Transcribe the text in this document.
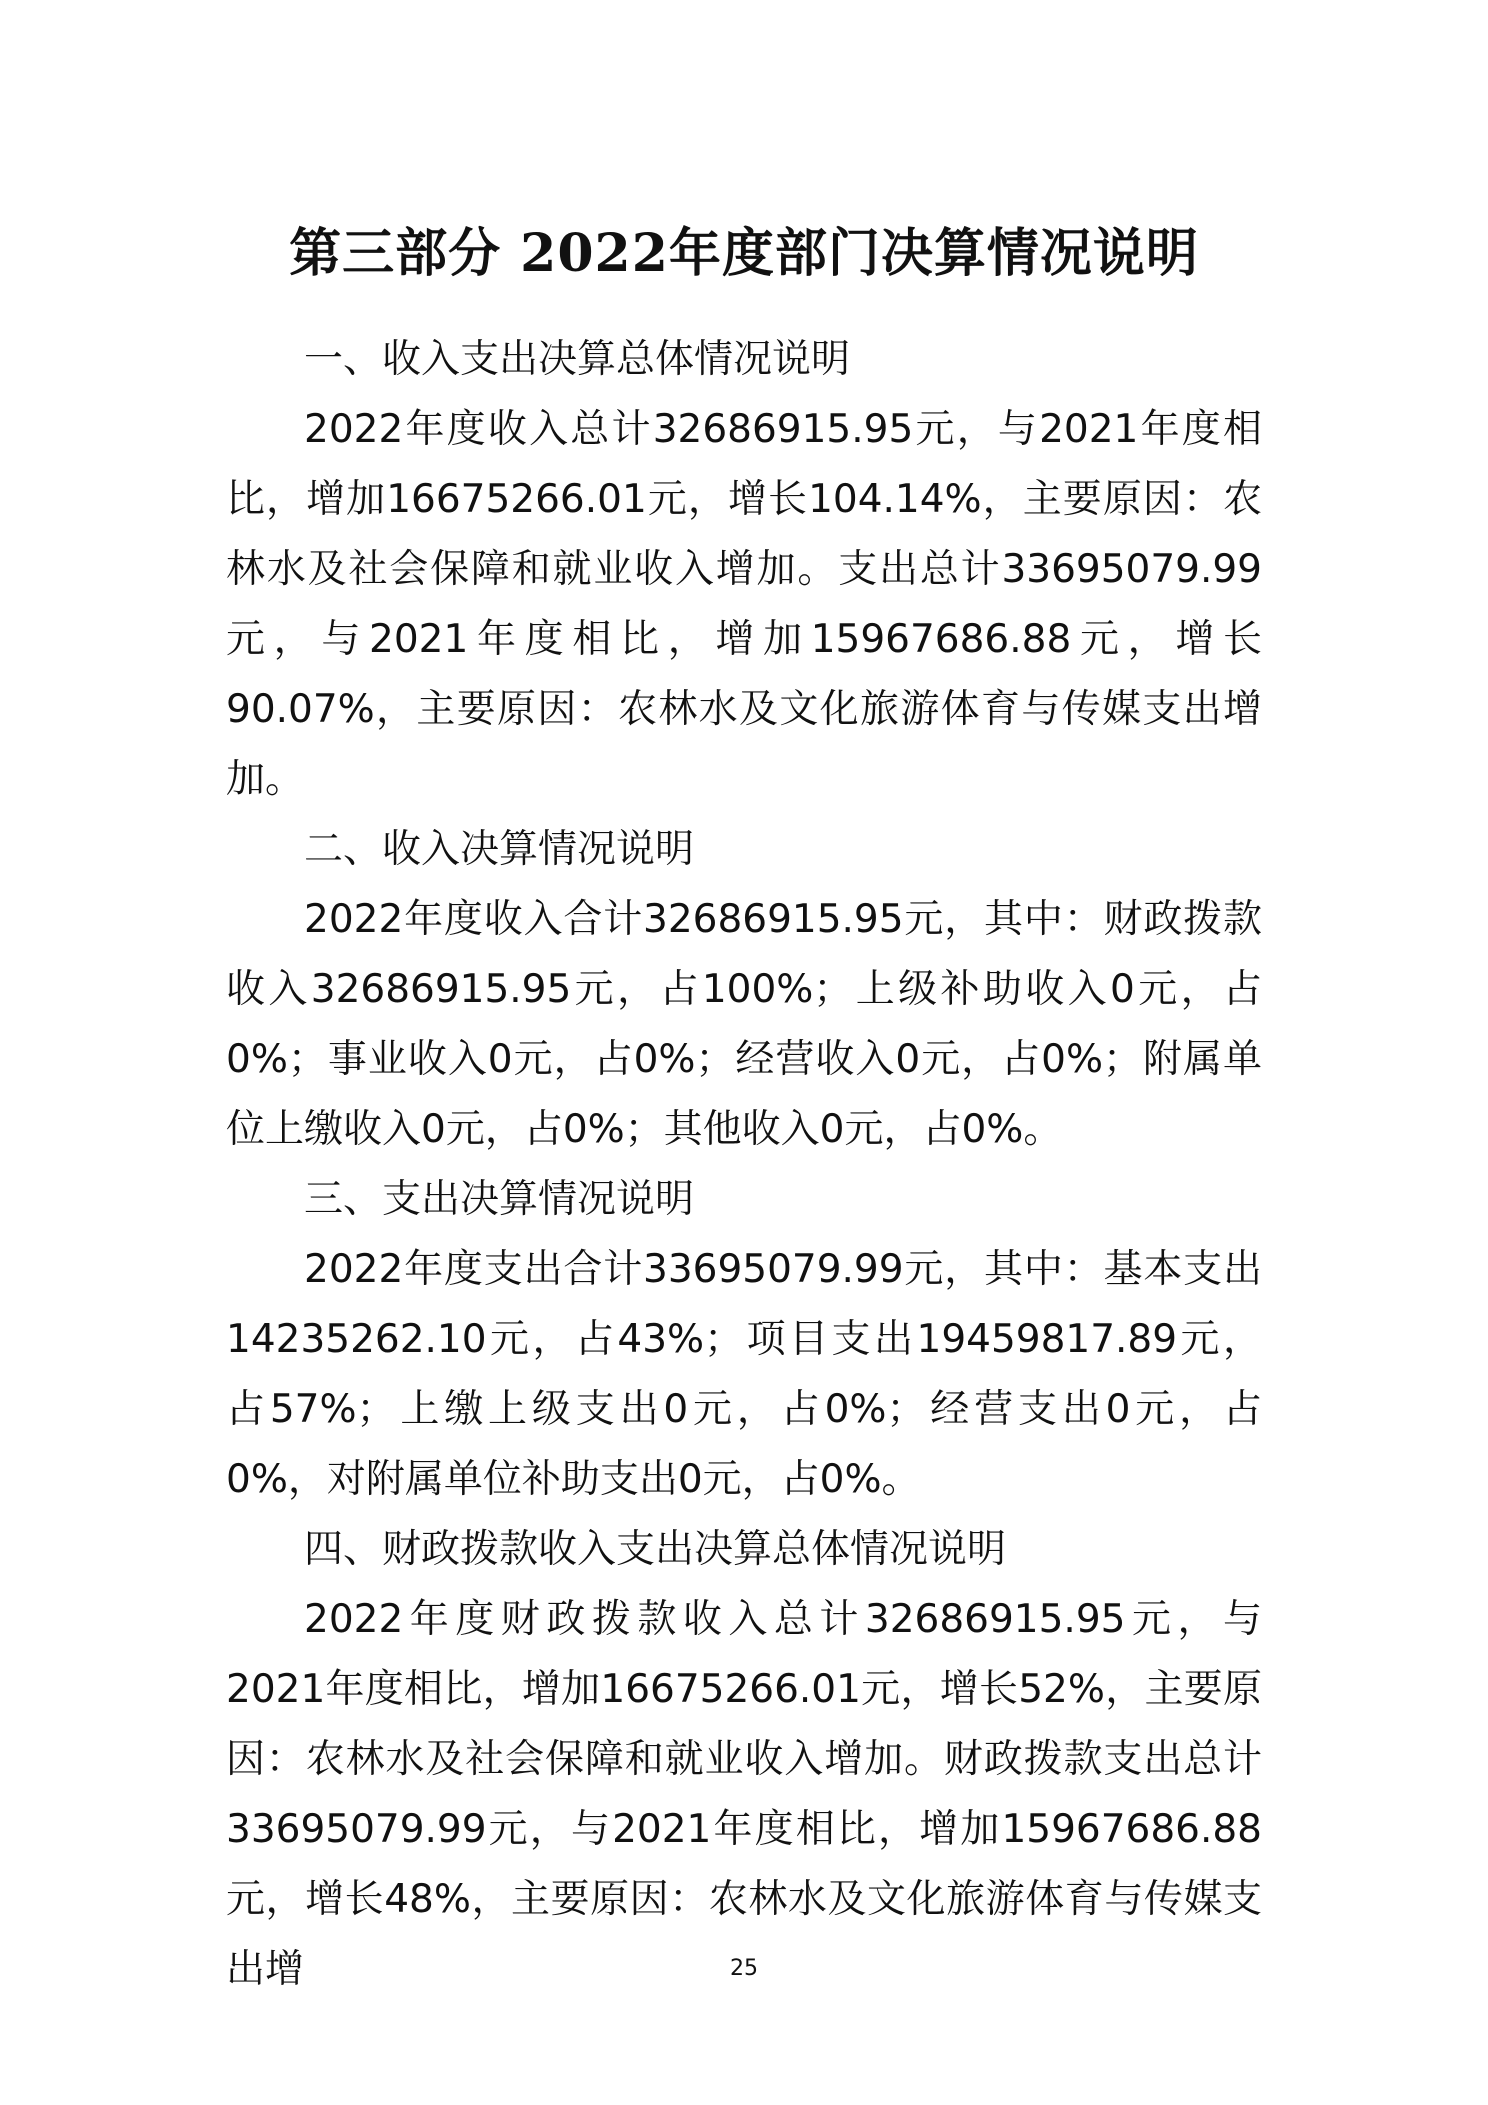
第三部分 2022年度部门决算情况说明

一、收入支出决算总体情况说明

2022年度收入总计32686915.95元，与2021年度相比，增加16675266.01元，增长104.14%，主要原因：农林水及社会保障和就业收入增加。支出总计33695079.99元，与2021年度相比，增加15967686.88元，增长90.07%，主要原因：农林水及文化旅游体育与传媒支出增加。

二、收入决算情况说明

2022年度收入合计32686915.95元，其中：财政拨款收入32686915.95元，占100%；上级补助收入0元，占0%；事业收入0元，占0%；经营收入0元，占0%；附属单位上缴收入0元，占0%；其他收入0元，占0%。

三、支出决算情况说明

2022年度支出合计33695079.99元，其中：基本支出14235262.10元，占43%；项目支出19459817.89元，占57%；上缴上级支出0元，占0%；经营支出0元，占0%，对附属单位补助支出0元，占0%。

四、财政拨款收入支出决算总体情况说明

2022年度财政拨款收入总计32686915.95元，与2021年度相比，增加16675266.01元，增长52%，主要原因：农林水及社会保障和就业收入增加。财政拨款支出总计33695079.99元，与2021年度相比，增加15967686.88元，增长48%，主要原因：农林水及文化旅游体育与传媒支出增	25
